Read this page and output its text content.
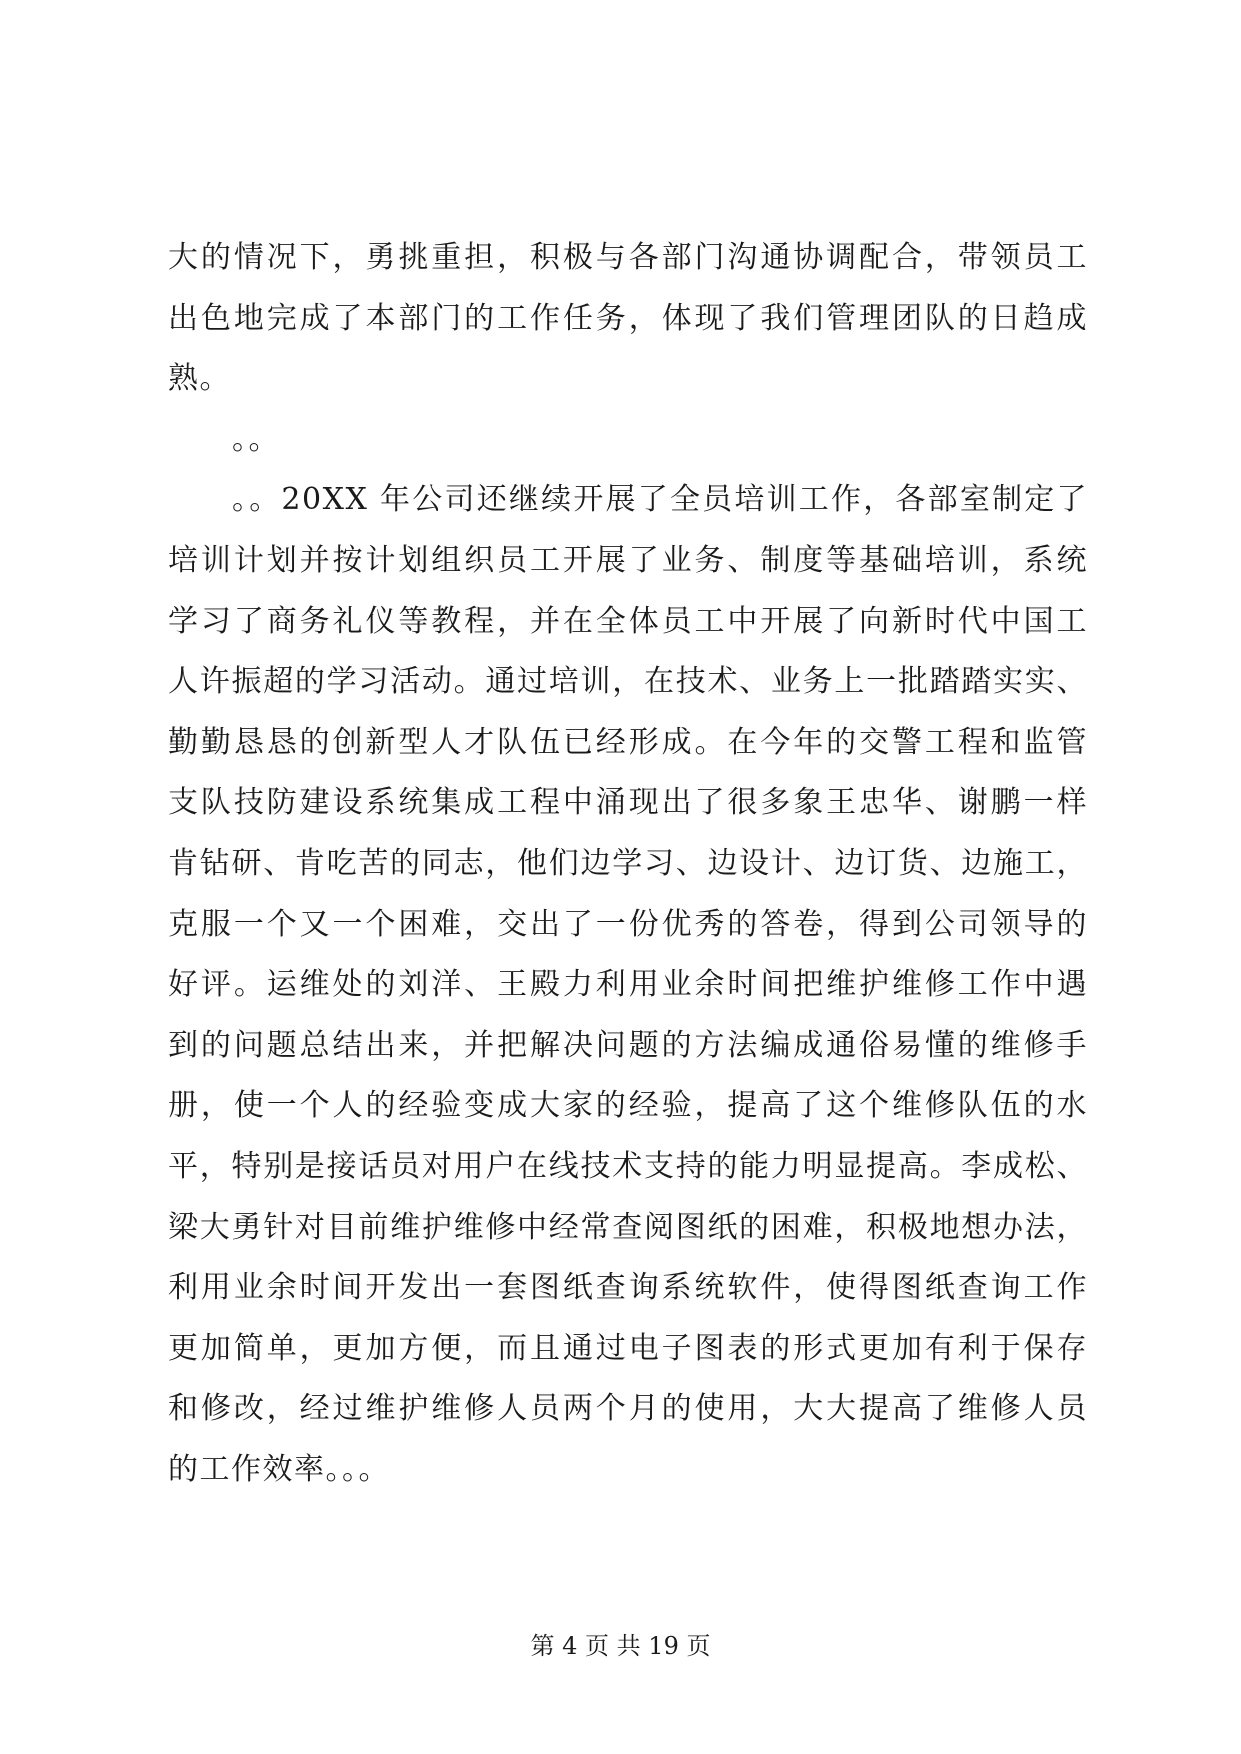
大的情况下，勇挑重担，积极与各部门沟通协调配合，带领员工
出色地完成了本部门的工作任务，体现了我们管理团队的日趋成
熟。
。。
。。20XX 年公司还继续开展了全员培训工作，各部室制定了
培训计划并按计划组织员工开展了业务、制度等基础培训，系统
学习了商务礼仪等教程，并在全体员工中开展了向新时代中国工
人许振超的学习活动。通过培训，在技术、业务上一批踏踏实实、
勤勤恳恳的创新型人才队伍已经形成。在今年的交警工程和监管
支队技防建设系统集成工程中涌现出了很多象王忠华、谢鹏一样
肯钻研、肯吃苦的同志，他们边学习、边设计、边订货、边施工，
克服一个又一个困难，交出了一份优秀的答卷，得到公司领导的
好评。运维处的刘洋、王殿力利用业余时间把维护维修工作中遇
到的问题总结出来，并把解决问题的方法编成通俗易懂的维修手
册，使一个人的经验变成大家的经验，提高了这个维修队伍的水
平，特别是接话员对用户在线技术支持的能力明显提高。李成松、
梁大勇针对目前维护维修中经常查阅图纸的困难，积极地想办法，
利用业余时间开发出一套图纸查询系统软件，使得图纸查询工作
更加简单，更加方便，而且通过电子图表的形式更加有利于保存
和修改，经过维护维修人员两个月的使用，大大提高了维修人员
的工作效率。。。
第 4 页 共 19 页
